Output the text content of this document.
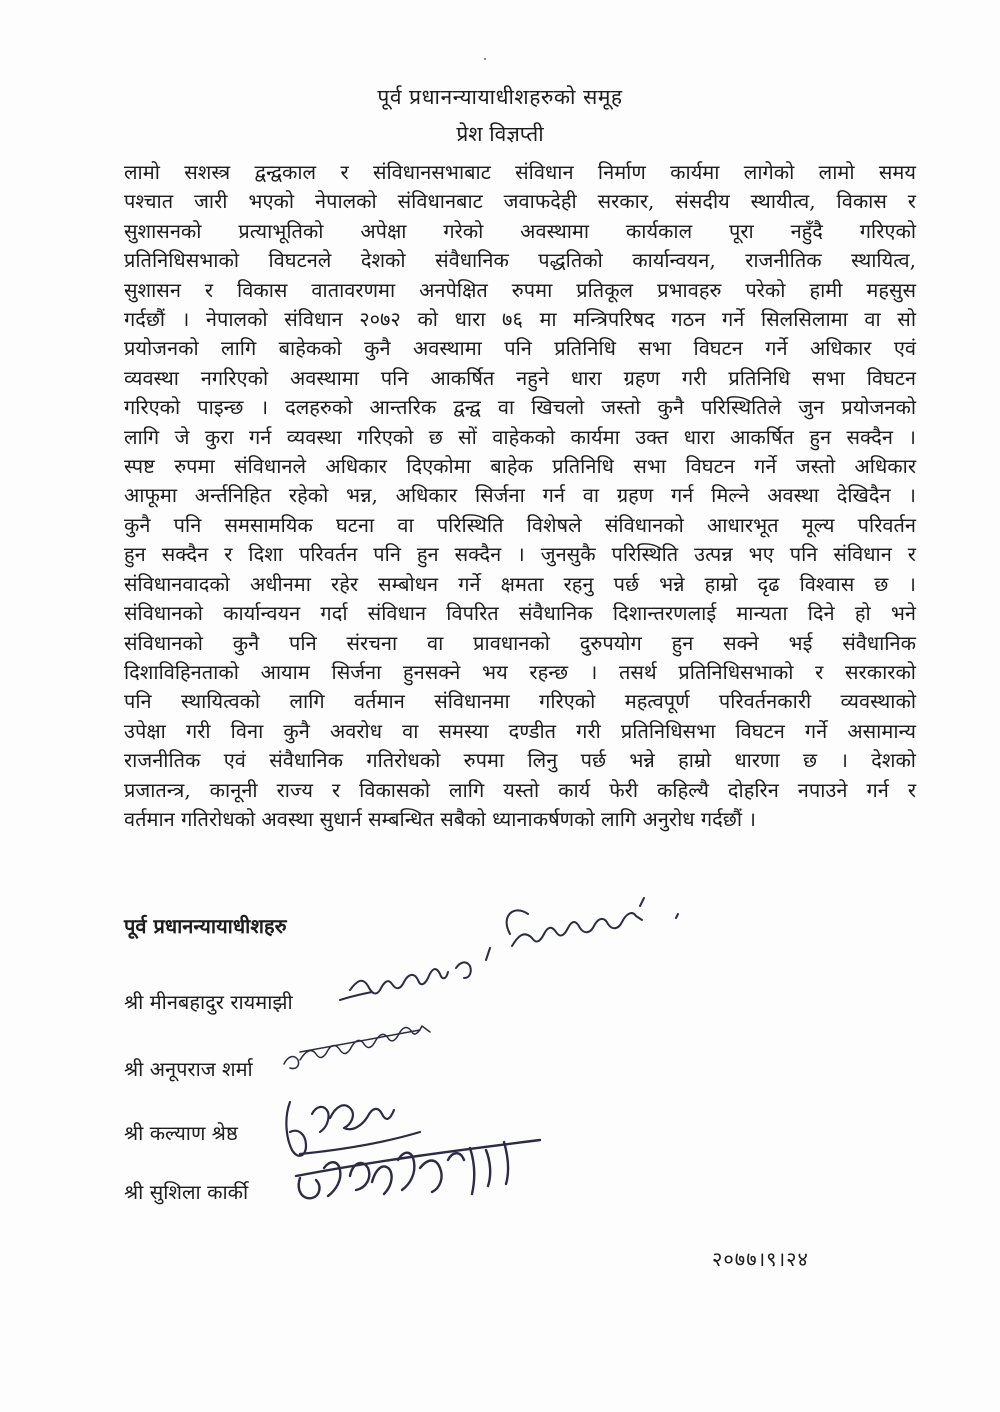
पूर्व प्रधानन्यायाधीशहरुको समूह
प्रेश विज्ञप्ती
लामो सशस्त्र द्वन्द्वकाल र संविधानसभाबाट संविधान निर्माण कार्यमा लागेको लामो समय
पश्चात जारी भएको नेपालको संविधानबाट जवाफदेही सरकार, संसदीय स्थायीत्व, विकास र
सुशासनको प्रत्याभूतिको अपेक्षा गरेको अवस्थामा कार्यकाल पूरा नहुँदै गरिएको
प्रतिनिधिसभाको विघटनले देशको संवैधानिक पद्धतिको कार्यान्वयन, राजनीतिक स्थायित्व,
सुशासन र विकास वातावरणमा अनपेक्षित रुपमा प्रतिकूल प्रभावहरु परेको हामी महसुस
गर्दछौं । नेपालको संविधान २०७२ को धारा ७६ मा मन्त्रिपरिषद गठन गर्ने सिलसिलामा वा सो
प्रयोजनको लागि बाहेकको कुनै अवस्थामा पनि प्रतिनिधि सभा विघटन गर्ने अधिकार एवं
व्यवस्था नगरिएको अवस्थामा पनि आकर्षित नहुने धारा ग्रहण गरी प्रतिनिधि सभा विघटन
गरिएको पाइन्छ । दलहरुको आन्तरिक द्वन्द्व वा खिचलो जस्तो कुनै परिस्थितिले जुन प्रयोजनको
लागि जे कुरा गर्न व्यवस्था गरिएको छ सों वाहेकको कार्यमा उक्त धारा आकर्षित हुन सक्दैन ।
स्पष्ट रुपमा संविधानले अधिकार दिएकोमा बाहेक प्रतिनिधि सभा विघटन गर्ने जस्तो अधिकार
आफूमा अर्न्तनिहित रहेको भन्न, अधिकार सिर्जना गर्न वा ग्रहण गर्न मिल्ने अवस्था देखिदैन ।
कुनै पनि समसामयिक घटना वा परिस्थिति विशेषले संविधानको आधारभूत मूल्य परिवर्तन
हुन सक्दैन र दिशा परिवर्तन पनि हुन सक्दैन । जुनसुकै परिस्थिति उत्पन्न भए पनि संविधान र
संविधानवादको अधीनमा रहेर सम्बोधन गर्ने क्षमता रहनु पर्छ भन्ने हाम्रो दृढ विश्वास छ ।
संविधानको कार्यान्वयन गर्दा संविधान विपरित संवैधानिक दिशान्तरणलाई मान्यता दिने हो भने
संविधानको कुनै पनि संरचना वा प्रावधानको दुरुपयोग हुन सक्ने भई संवैधानिक
दिशाविहिनताको आयाम सिर्जना हुनसक्ने भय रहन्छ । तसर्थ प्रतिनिधिसभाको र सरकारको
पनि स्थायित्वको लागि वर्तमान संविधानमा गरिएको महत्वपूर्ण परिवर्तनकारी व्यवस्थाको
उपेक्षा गरी विना कुनै अवरोध वा समस्या दण्डीत गरी प्रतिनिधिसभा विघटन गर्ने असामान्य
राजनीतिक एवं संवैधानिक गतिरोधको रुपमा लिनु पर्छ भन्ने हाम्रो धारणा छ । देशको
प्रजातन्त्र, कानूनी राज्य र विकासको लागि यस्तो कार्य फेरी कहिल्यै दोहरिन नपाउने गर्न र
वर्तमान गतिरोधको अवस्था सुधार्न सम्बन्धित सबैको ध्यानाकर्षणको लागि अनुरोध गर्दछौं ।
पूर्व प्रधानन्यायाधीशहरु
श्री मीनबहादुर रायमाझी
श्री अनूपराज शर्मा
श्री कल्याण श्रेष्ठ
श्री सुशिला कार्की
२०७७।९।२४
